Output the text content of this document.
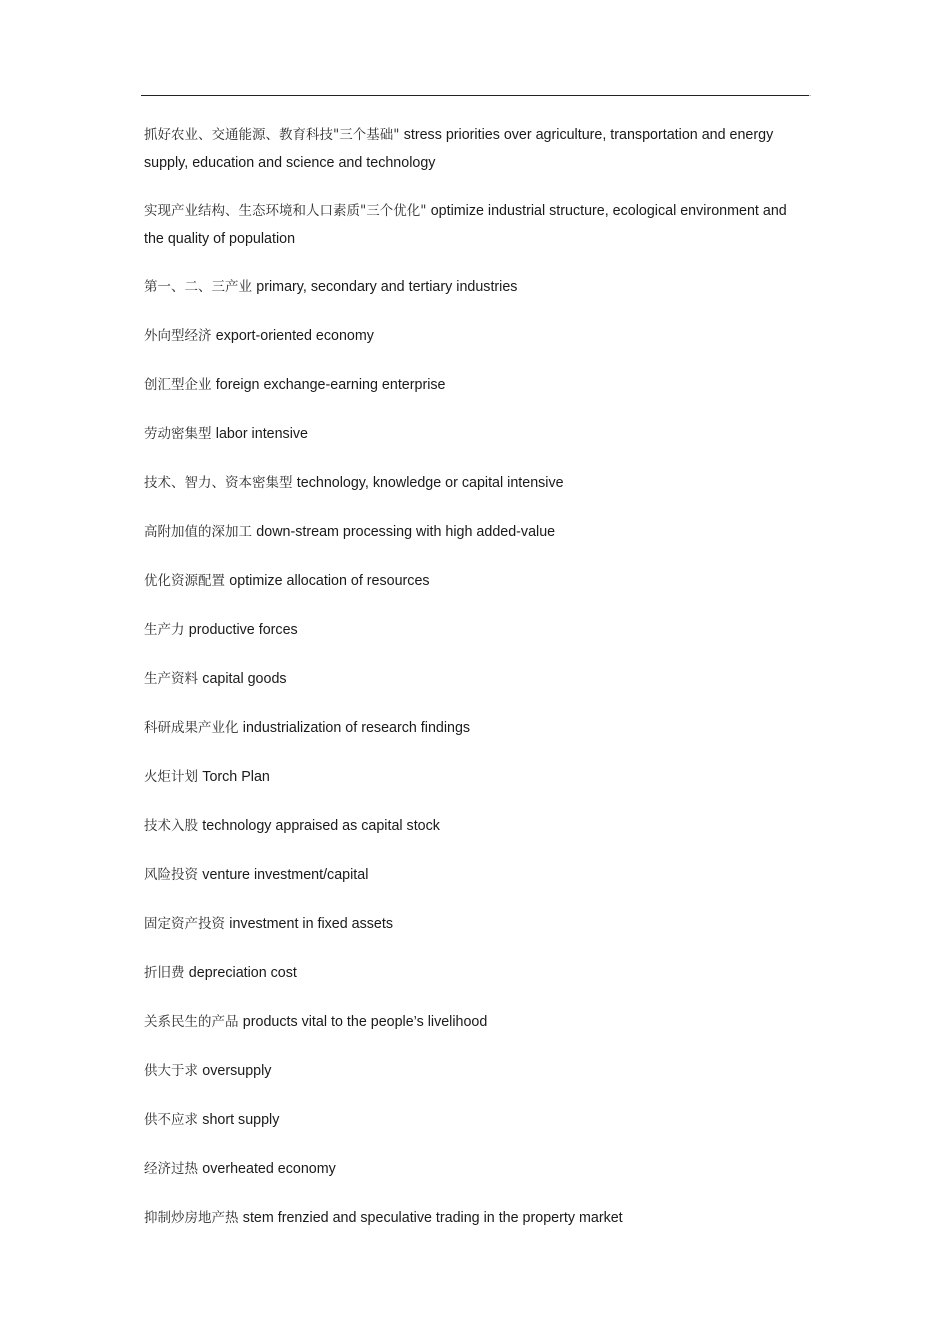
.
抓好农业、交通能源、教育科技"三个基础" stress priorities over agriculture, transportation and energy supply, education and science and technology
实现产业结构、生态环境和人口素质"三个优化" optimize industrial structure, ecological environment and the quality of population
第一、二、三产业 primary, secondary and tertiary industries
外向型经济 export-oriented economy
创汇型企业 foreign exchange-earning enterprise
劳动密集型 labor intensive
技术、智力、资本密集型 technology, knowledge or capital intensive
高附加值的深加工 down-stream processing with high added-value
优化资源配置 optimize allocation of resources
生产力 productive forces
生产资料 capital goods
科研成果产业化 industrialization of research findings
火炬计划 Torch Plan
技术入股 technology appraised as capital stock
风险投资 venture investment/capital
固定资产投资 investment in fixed assets
折旧费 depreciation cost
关系民生的产品 products vital to the people’s livelihood
供大于求 oversupply
供不应求 short supply
经济过热 overheated economy
抑制炒房地产热 stem frenzied and speculative trading in the property market
